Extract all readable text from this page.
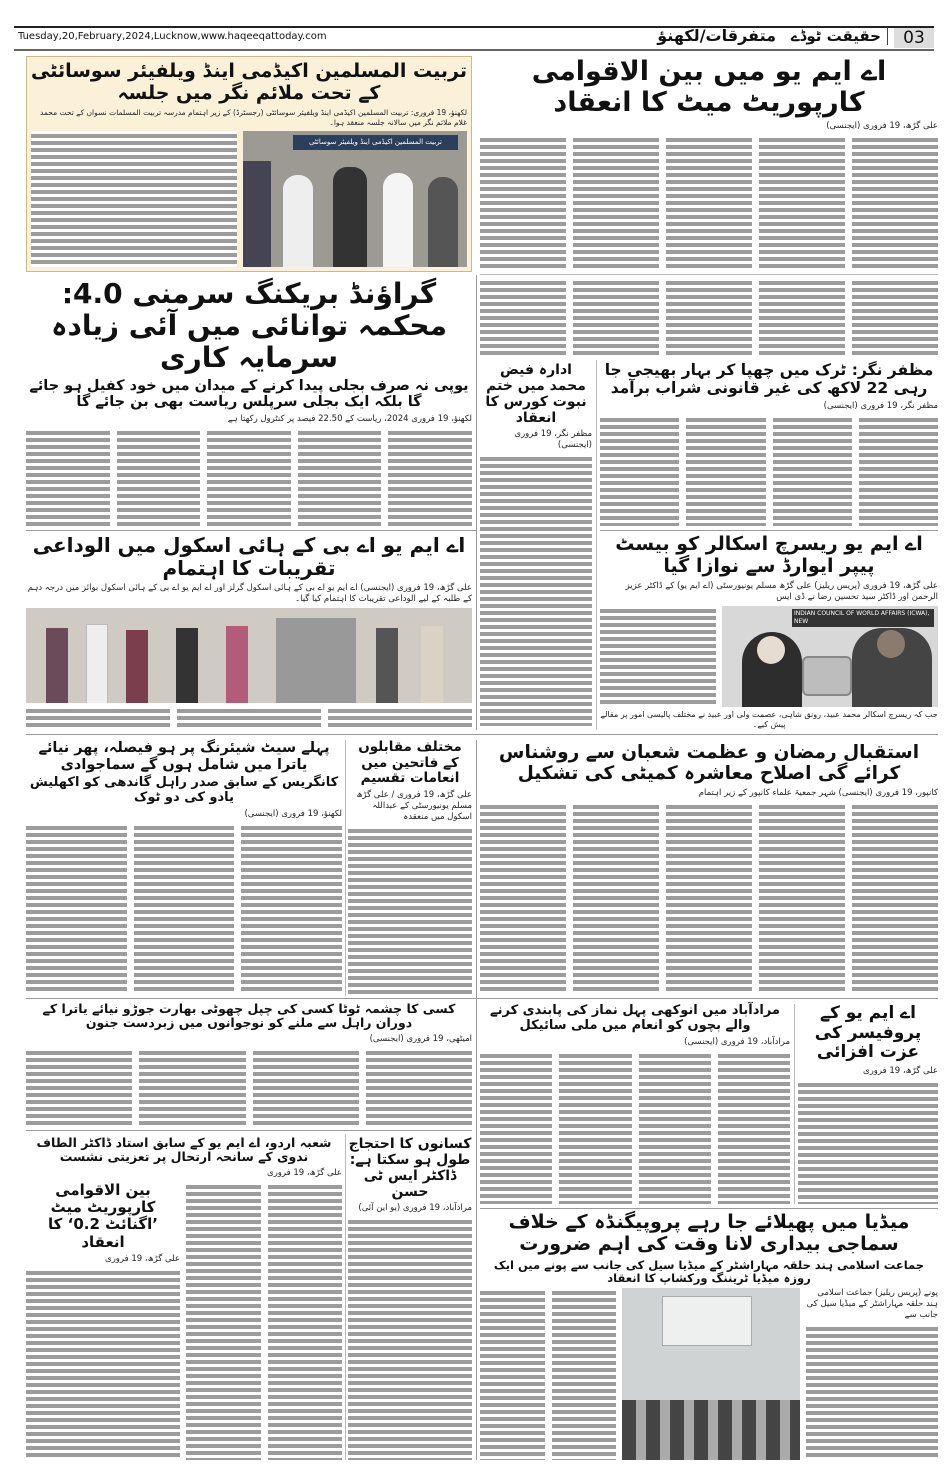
03
حقیقت ٹوڈے
متفرقات/لکھنؤ
Tuesday,20,February,2024,Lucknow,www.haqeeqattoday.com
اے ایم یو میں بین الاقوامی کارپوریٹ میٹ کا انعقاد
علی گڑھ، 19 فروری (ایجنسی)
تربیت المسلمین اکیڈمی اینڈ ویلفیئر سوسائٹی کے تحت ملائم نگر میں جلسہ
لکھنؤ، 19 فروری: تربیت المسلمین اکیڈمی اینڈ ویلفیئر سوسائٹی (رجسٹرڈ) کے زیر اہتمام مدرسہ تربیت المسلمات نسواں کے تحت محمد غلام ملائم نگر میں سالانہ جلسہ منعقد ہوا۔
تربیت المسلمین اکیڈمی اینڈ ویلفیئر سوسائٹی
گراؤنڈ بریکنگ سرمنی 4.0: محکمہ توانائی میں آئی زیادہ سرمایہ کاری
یوپی نہ صرف بجلی پیدا کرنے کے میدان میں خود کفیل ہو جائے گا بلکہ ایک بجلی سرپلس ریاست بھی بن جائے گا
لکھنؤ، 19 فروری 2024، ریاست کے 22.50 فیصد پر کنٹرول رکھتا ہے
ادارہ فیض محمد میں ختم نبوت کورس کا انعقاد
مظفر نگر، 19 فروری (ایجنسی)
مظفر نگر: ٹرک میں چھپا کر بہار بھیجی جا رہی 22 لاکھ کی غیر قانونی شراب برآمد
مظفر نگر، 19 فروری (ایجنسی)
اے ایم یو اے بی کے ہائی اسکول میں الوداعی تقریبات کا اہتمام
علی گڑھ، 19 فروری (ایجنسی) اے ایم یو اے بی کے ہائی اسکول گرلز اور اے ایم یو اے بی کے ہائی اسکول بوائز میں درجہ دہم کے طلبہ کے لیے الوداعی تقریبات کا اہتمام کیا گیا۔
اے ایم یو ریسرچ اسکالر کو بیسٹ پیپر ایوارڈ سے نوازا گیا
علی گڑھ، 19 فروری (پریس ریلیز) علی گڑھ مسلم یونیورسٹی (اے ایم یو) کے ڈاکٹر عزیز الرحمن اور ڈاکٹر سید تحسین رضا نے ڈی ایس
INDIAN COUNCIL OF WORLD AFFAIRS (ICWA), NEW
جب کہ ریسرچ اسکالر محمد عبید، رونق شاہی، عصمت ولی اور عبید نے مختلف پالیسی امور پر مقالے پیش کیے۔
پہلے سیٹ شیئرنگ پر ہو فیصلہ، پھر نیائے یاترا میں شامل ہوں گے سماجوادی
کانگریس کے سابق صدر راہل گاندھی کو اکھلیش یادو کی دو ٹوک
لکھنؤ، 19 فروری (ایجنسی)
مختلف مقابلوں کے فاتحین میں انعامات تقسیم
علی گڑھ، 19 فروری / علی گڑھ مسلم یونیورسٹی کے عبداللہ اسکول میں منعقدہ
استقبال رمضان و عظمت شعبان سے روشناس کرائے گی اصلاح معاشرہ کمیٹی کی تشکیل
کانپور، 19 فروری (ایجنسی) شہر جمعیۃ علماء کانپور کے زیر اہتمام
کسی کا چشمہ ٹوٹا کسی کی چپل چھوٹی بھارت جوڑو نیائے یاترا کے دوران راہل سے ملنے کو نوجوانوں میں زبردست جنون
امیٹھی، 19 فروری (ایجنسی)
اے ایم یو کے پروفیسر کی عزت افزائی
علی گڑھ، 19 فروری
مرادآباد میں انوکھی پہل نماز کی پابندی کرنے والے بچوں کو انعام میں ملی سائیکل
مرادآباد، 19 فروری (ایجنسی)
شعبہ اردو، اے ایم یو کے سابق استاد ڈاکٹر الطاف ندوی کے سانحہ ارتحال پر تعزیتی نشست
علی گڑھ، 19 فروری
بین الاقوامی کارپوریٹ میٹ ’اگنائٹ 0.2‘ کا انعقاد
علی گڑھ، 19 فروری
کسانوں کا احتجاج طول ہو سکتا ہے: ڈاکٹر ایس ٹی حسن
مرادآباد، 19 فروری (یو این آئی)
میڈیا میں پھیلائے جا رہے پروپیگنڈہ کے خلاف سماجی بیداری لانا وقت کی اہم ضرورت
جماعت اسلامی ہند حلقہ مہاراشٹر کے میڈیا سیل کی جانب سے پونے میں ایک روزہ میڈیا ٹریننگ ورکشاپ کا انعقاد
پونے (پریس ریلیز) جماعت اسلامی ہند حلقہ مہاراشٹر کے میڈیا سیل کی جانب سے
